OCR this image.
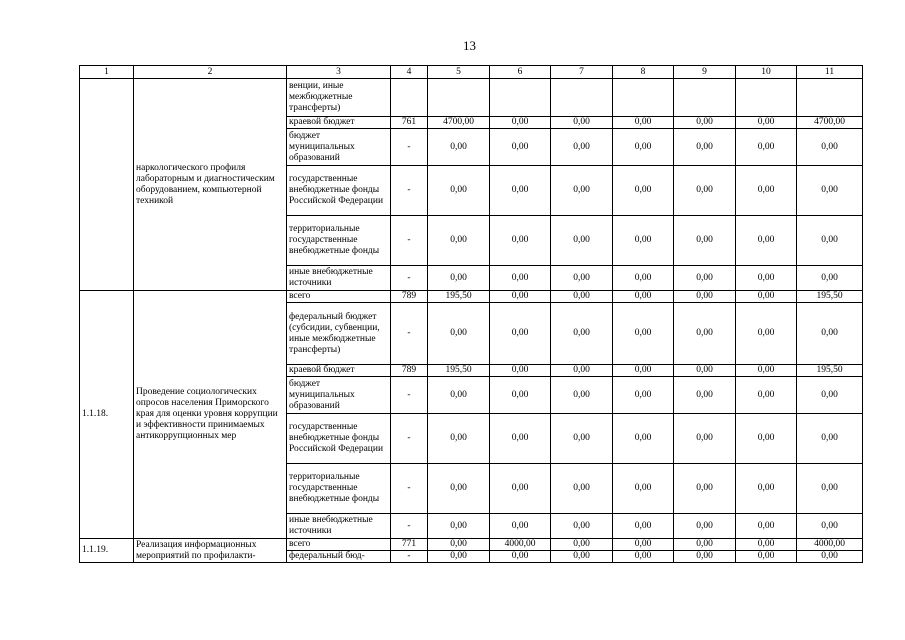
13
1	2	3	4	5	6	7	8	9	10	11
	наркологического профиля лабораторным и диагностическим оборудованием, компьютерной техникой	венции, иные межбюджетные трансферты)								
		краевой бюджет	761	4700,00	0,00	0,00	0,00	0,00	0,00	4700,00
		бюджет муниципальных образований	-	0,00	0,00	0,00	0,00	0,00	0,00	0,00
		государственные внебюджетные фонды Российской Федерации	-	0,00	0,00	0,00	0,00	0,00	0,00	0,00
		территориальные государственные внебюджетные фонды	-	0,00	0,00	0,00	0,00	0,00	0,00	0,00
		иные внебюджетные источники	-	0,00	0,00	0,00	0,00	0,00	0,00	0,00
1.1.18.	Проведение социологических опросов населения Приморского края для оценки уровня коррупции и эффективности принимаемых антикоррупционных мер	всего	789	195,50	0,00	0,00	0,00	0,00	0,00	195,50
		федеральный бюджет (субсидии, субвенции, иные межбюджетные трансферты)	-	0,00	0,00	0,00	0,00	0,00	0,00	0,00
		краевой бюджет	789	195,50	0,00	0,00	0,00	0,00	0,00	195,50
		бюджет муниципальных образований	-	0,00	0,00	0,00	0,00	0,00	0,00	0,00
		государственные внебюджетные фонды Российской Федерации	-	0,00	0,00	0,00	0,00	0,00	0,00	0,00
		территориальные государственные внебюджетные фонды	-	0,00	0,00	0,00	0,00	0,00	0,00	0,00
		иные внебюджетные источники	-	0,00	0,00	0,00	0,00	0,00	0,00	0,00
1.1.19.	Реализация информационных мероприятий по профилакти-	всего	771	0,00	4000,00	0,00	0,00	0,00	0,00	4000,00
		федеральный бюд-	-	0,00	0,00	0,00	0,00	0,00	0,00	0,00
